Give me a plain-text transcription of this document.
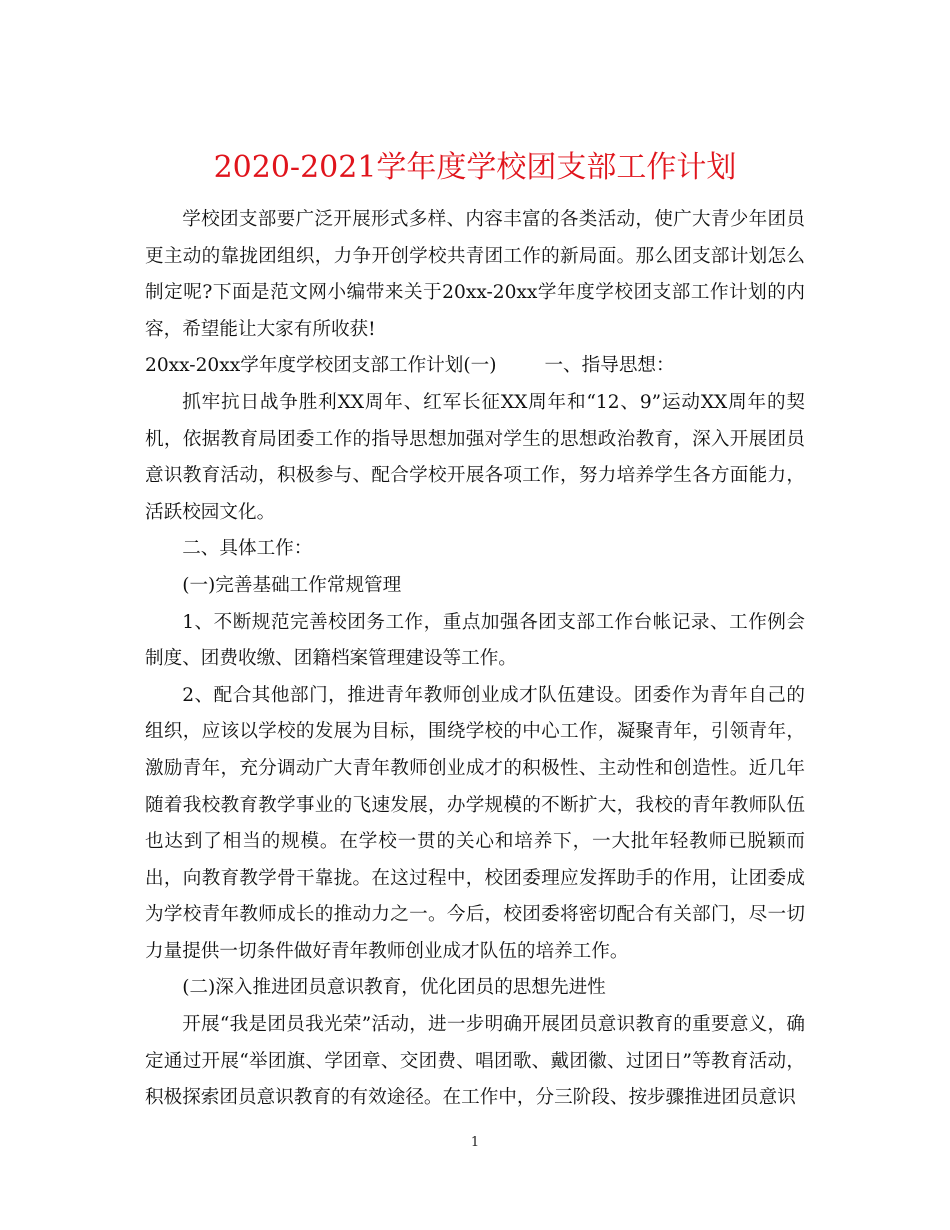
2020-2021学年度学校团支部工作计划

学校团支部要广泛开展形式多样、内容丰富的各类活动，使广大青少年团员更主动的靠拢团组织，力争开创学校共青团工作的新局面。那么团支部计划怎么制定呢?下面是范文网小编带来关于20xx-20xx学年度学校团支部工作计划的内容，希望能让大家有所收获!

20xx-20xx学年度学校团支部工作计划(一)	一、指导思想：

抓牢抗日战争胜利XX周年、红军长征XX周年和“12、9”运动XX周年的契机，依据教育局团委工作的指导思想加强对学生的思想政治教育，深入开展团员意识教育活动，积极参与、配合学校开展各项工作，努力培养学生各方面能力，活跃校园文化。

二、具体工作：

(一)完善基础工作常规管理

1、不断规范完善校团务工作，重点加强各团支部工作台帐记录、工作例会制度、团费收缴、团籍档案管理建设等工作。

2、配合其他部门，推进青年教师创业成才队伍建设。团委作为青年自己的组织，应该以学校的发展为目标，围绕学校的中心工作，凝聚青年，引领青年，激励青年，充分调动广大青年教师创业成才的积极性、主动性和创造性。近几年随着我校教育教学事业的飞速发展，办学规模的不断扩大，我校的青年教师队伍也达到了相当的规模。在学校一贯的关心和培养下，一大批年轻教师已脱颖而出，向教育教学骨干靠拢。在这过程中，校团委理应发挥助手的作用，让团委成为学校青年教师成长的推动力之一。今后，校团委将密切配合有关部门，尽一切力量提供一切条件做好青年教师创业成才队伍的培养工作。

(二)深入推进团员意识教育，优化团员的思想先进性

开展“我是团员我光荣”活动，进一步明确开展团员意识教育的重要意义，确定通过开展“举团旗、学团章、交团费、唱团歌、戴团徽、过团日”等教育活动，积极探索团员意识教育的有效途径。在工作中，分三阶段、按步骤推进团员意识

1
